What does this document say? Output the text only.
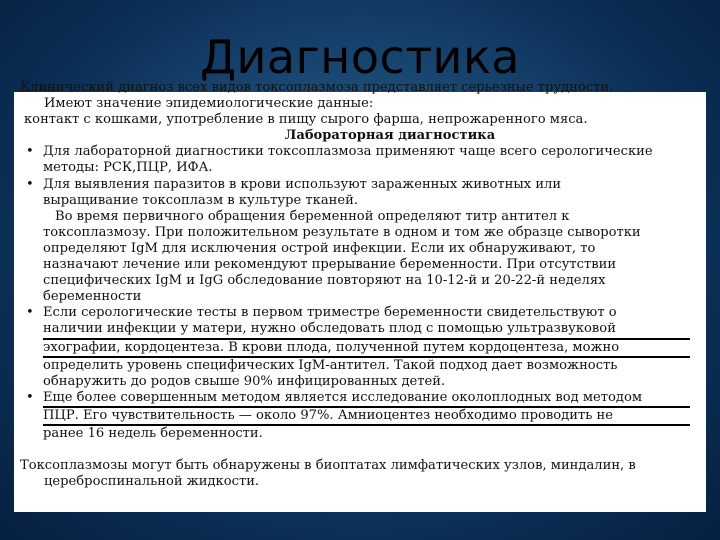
Диагностика

Клинический диагноз всех видов токсоплазмоза представляет серьезные трудности.

Имеют значение эпидемиологические данные:

контакт с кошками, употребление в пищу сырого фарша, непрожаренного мяса.

Лабораторная диагностика

• Для лабораторной диагностики токсоплазмоза применяют чаще всего серологические

методы: РСК,ПЦР, ИФА.

• Для выявления паразитов в крови используют зараженных животных или

выращивание токсоплазм в культуре тканей.

Во время первичного обращения беременной определяют титр антител к

токсоплазмозу. При положительном результате в одном и том же образце сыворотки

определяют IgM для исключения острой инфекции. Если их обнаруживают, то

назначают лечение или рекомендуют прерывание беременности. При отсутствии

специфических IgM и IgG обследование повторяют на 10-12-й и 20-22-й неделях

беременности

• Если серологические тесты в первом триместре беременности свидетельствуют о

наличии инфекции у матери, нужно обследовать плод с помощью ультразвуковой

эхографии, кордоцентеза. В крови плода, полученной путем кордоцентеза, можно

определить уровень специфических IgM-антител. Такой подход дает возможность

обнаружить до родов свыше 90% инфицированных детей.

• Еще более совершенным методом является исследование околоплодных вод методом

ПЦР. Его чувствительность — около 97%. Амниоцентез необходимо проводить не

ранее 16 недель беременности.

Токсоплазмозы могут быть обнаружены в биоптатах лимфатических узлов, миндалин, в

цереброспинальной жидкости.
